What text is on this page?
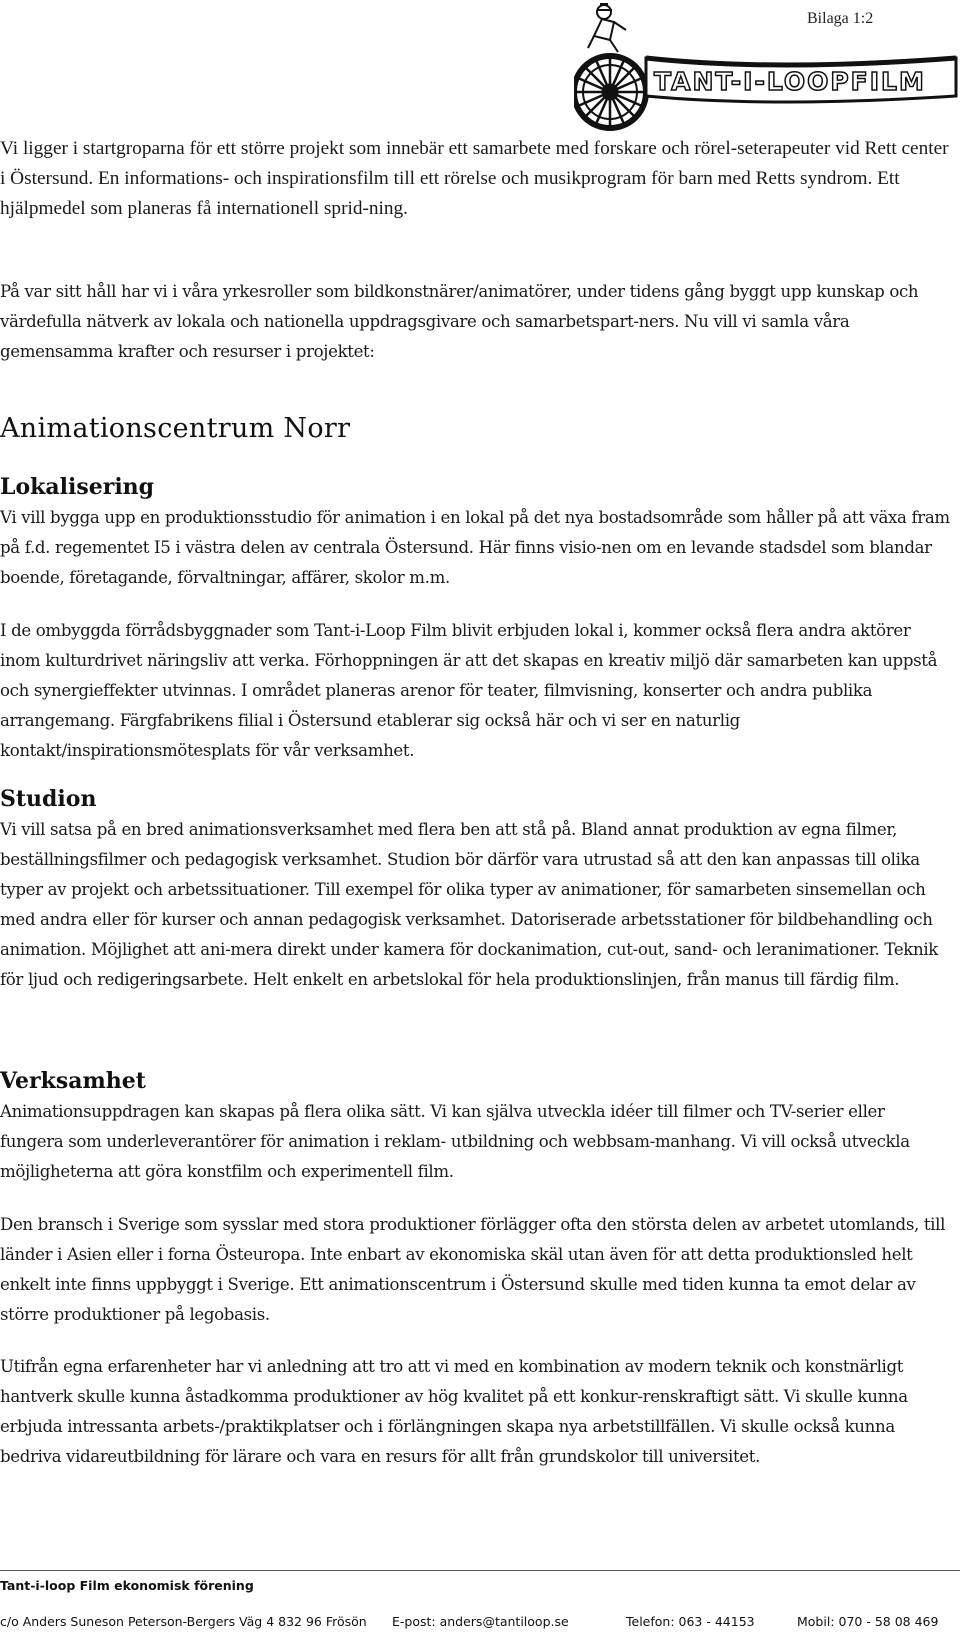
Bilaga 1:2
TANT-I-LOOPFILM

Vi ligger i startgroparna för ett större projekt som innebär ett samarbete med forskare och rörel-seterapeuter vid Rett center i Östersund. En informations- och inspirationsfilm till ett rörelse och musikprogram för barn med Retts syndrom. Ett hjälpmedel som planeras få internationell sprid-ning.

På var sitt håll har vi i våra yrkesroller som bildkonstnärer/animatörer, under tidens gång byggt upp kunskap och värdefulla nätverk av lokala och nationella uppdragsgivare och samarbetspart-ners. Nu vill vi samla våra gemensamma krafter och resurser i projektet:

Animationscentrum Norr
Lokalisering

Vi vill bygga upp en produktionsstudio för animation i en lokal på det nya bostadsområde som håller på att växa fram på f.d. regementet I5 i västra delen av centrala Östersund. Här finns visio-nen om en levande stadsdel som blandar boende, företagande, förvaltningar, affärer, skolor m.m.

I de ombyggda förrådsbyggnader som Tant-i-Loop Film blivit erbjuden lokal i, kommer också flera andra aktörer inom kulturdrivet näringsliv att verka. Förhoppningen är att det skapas en kreativ miljö där samarbeten kan uppstå och synergieffekter utvinnas. I området planeras arenor för teater, filmvisning, konserter och andra publika arrangemang. Färgfabrikens filial i Östersund etablerar sig också här och vi ser en naturlig kontakt/inspirationsmötesplats för vår verksamhet.

Studion

Vi vill satsa på en bred animationsverksamhet med flera ben att stå på. Bland annat produktion av egna filmer, beställningsfilmer och pedagogisk verksamhet. Studion bör därför vara utrustad så att den kan anpassas till olika typer av projekt och arbetssituationer. Till exempel för olika typer av animationer, för samarbeten sinsemellan och med andra eller för kurser och annan pedagogisk verksamhet. Datoriserade arbetsstationer för bildbehandling och animation. Möjlighet att ani-mera direkt under kamera för dockanimation, cut-out, sand- och leranimationer. Teknik för ljud och redigeringsarbete. Helt enkelt en arbetslokal för hela produktionslinjen, från manus till färdig film.

Verksamhet

Animationsuppdragen kan skapas på flera olika sätt. Vi kan själva utveckla idéer till filmer och TV-serier eller fungera som underleverantörer för animation i reklam- utbildning och webbsam-manhang. Vi vill också utveckla möjligheterna att göra konstfilm och experimentell film.

Den bransch i Sverige som sysslar med stora produktioner förlägger ofta den största delen av arbetet utomlands, till länder i Asien eller i forna Östeuropa. Inte enbart av ekonomiska skäl utan även för att detta produktionsled helt enkelt inte finns uppbyggt i Sverige. Ett animationscentrum i Östersund skulle med tiden kunna ta emot delar av större produktioner på legobasis.

Utifrån egna erfarenheter har vi anledning att tro att vi med en kombination av modern teknik och konstnärligt hantverk skulle kunna åstadkomma produktioner av hög kvalitet på ett konkur-renskraftigt sätt. Vi skulle kunna erbjuda intressanta arbets-/praktikplatser och i förlängningen skapa nya arbetstillfällen. Vi skulle också kunna bedriva vidareutbildning för lärare och vara en resurs för allt från grundskolor till universitet.

Tant-i-loop Film ekonomisk förening
c/o Anders Suneson Peterson-Bergers Väg 4 832 96 Frösön E-post: anders@tantiloop.se	Telefon: 063 - 44153	Mobil: 070 - 58 08 469
